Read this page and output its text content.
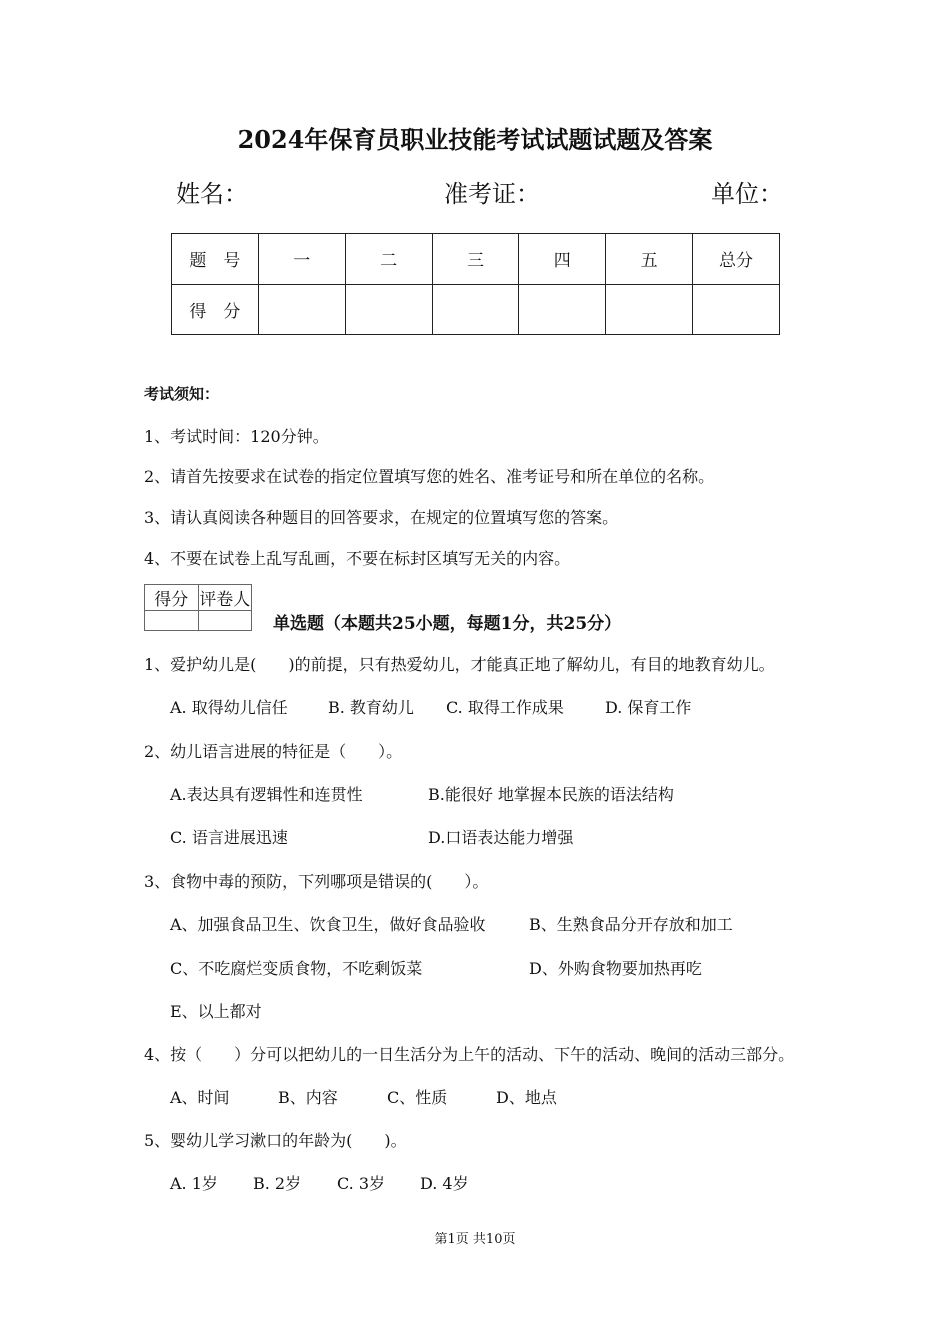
2024年保育员职业技能考试试题试题及答案
姓名：	准考证：	单位：
题　号	一	二	三	四	五	总分
得　分						
考试须知：
1、考试时间：120分钟。
2、请首先按要求在试卷的指定位置填写您的姓名、准考证号和所在单位的名称。
3、请认真阅读各种题目的回答要求，在规定的位置填写您的答案。
4、不要在试卷上乱写乱画，不要在标封区填写无关的内容。
得分	评卷人

单选题（本题共25小题，每题1分，共25分）
1、爱护幼儿是(　　)的前提，只有热爱幼儿，才能真正地了解幼儿，有目的地教育幼儿。
A. 取得幼儿信任	B. 教育幼儿 C. 取得工作成果	D. 保育工作
2、幼儿语言进展的特征是（　　）。
A.表达具有逻辑性和连贯性	B.能很好 地掌握本民族的语法结构
C. 语言进展迅速	D.口语表达能力增强
3、食物中毒的预防，下列哪项是错误的(　　）。
A、加强食品卫生、饮食卫生，做好食品验收	B、生熟食品分开存放和加工
C、不吃腐烂变质食物，不吃剩饭菜	D、外购食物要加热再吃
E、以上都对
4、按（　　）分可以把幼儿的一日生活分为上午的活动、下午的活动、晚间的活动三部分。
A、时间	B、内容	C、性质	D、地点
5、婴幼儿学习漱口的年龄为(　　)。
A. 1岁 B. 2岁 C. 3岁 D. 4岁
第1页 共10页
